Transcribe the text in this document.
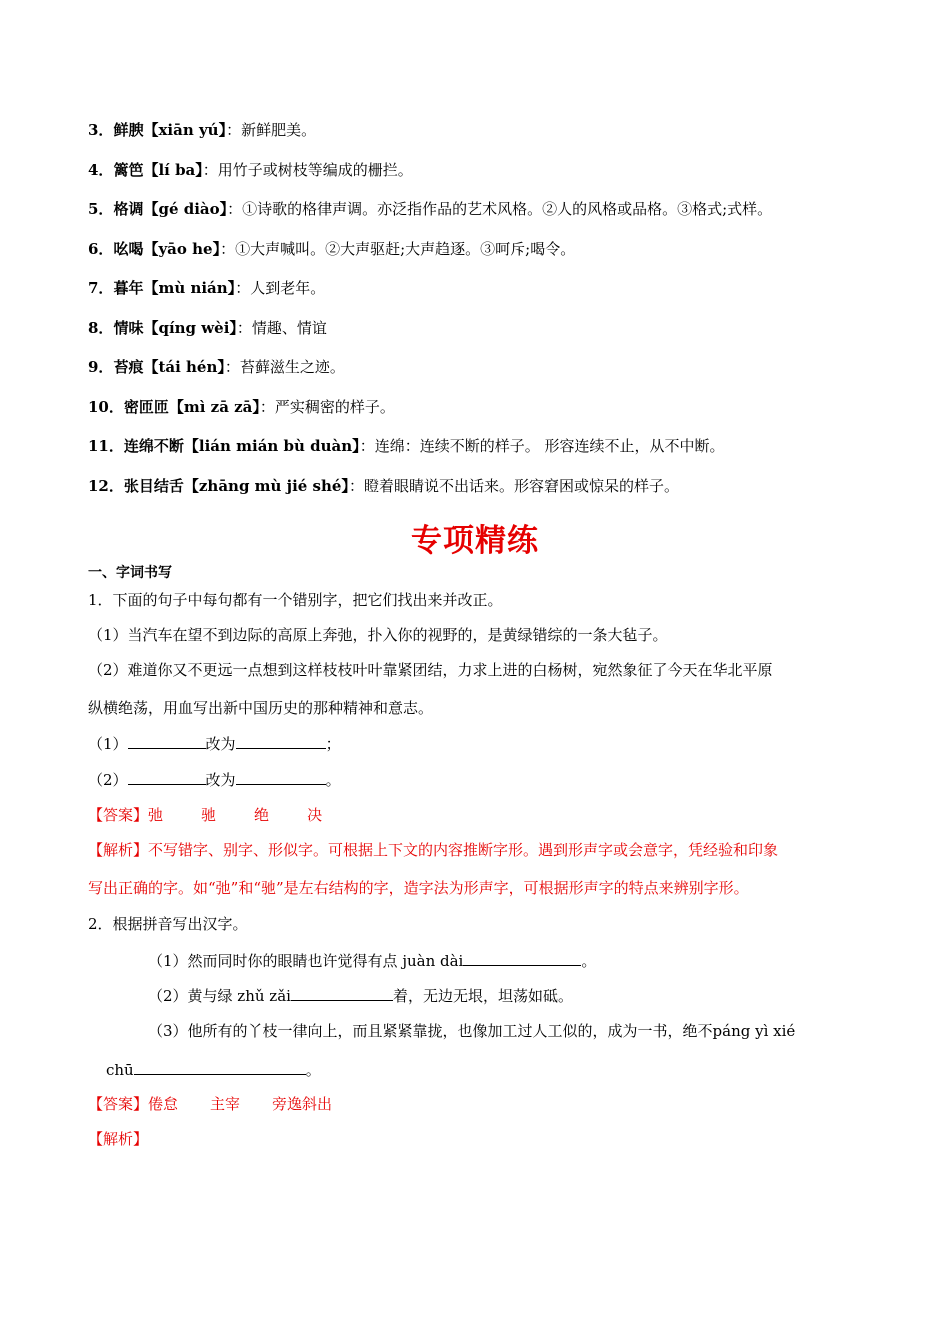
3．鲜腴【xiān yú】：新鲜肥美。
4．篱笆【lí ba】：用竹子或树枝等编成的栅拦。
5．格调【gé diào】：①诗歌的格律声调。亦泛指作品的艺术风格。②人的风格或品格。③格式;式样。
6．吆喝【yāo he】：①大声喊叫。②大声驱赶;大声趋逐。③呵斥;喝令。
7．暮年【mù nián】：人到老年。
8．情味【qíng wèi】：情趣、情谊
9．苔痕【tái hén】：苔藓滋生之迹。
10．密匝匝【mì zā zā】：严实稠密的样子。
11．连绵不断【lián mián bù duàn】：连绵：连续不断的样子。 形容连续不止，从不中断。
12．张目结舌【zhāng mù jié shé】：瞪着眼睛说不出话来。形容窘困或惊呆的样子。
专项精练
一、字词书写
1．下面的句子中每句都有一个错别字，把它们找出来并改正。
（1）当汽车在望不到边际的高原上奔弛，扑入你的视野的，是黄绿错综的一条大毡子。
（2）难道你又不更远一点想到这样枝枝叶叶靠紧团结，力求上进的白杨树，宛然象征了今天在华北平原
纵横绝荡，用血写出新中国历史的那种精神和意志。
（1）	改为	；
（2）	改为	。
【答案】弛	驰	绝	决
【解析】不写错字、别字、形似字。可根据上下文的内容推断字形。遇到形声字或会意字，凭经验和印象
写出正确的字。如“弛”和“驰”是左右结构的字，造字法为形声字，可根据形声字的特点来辨别字形。
2．根据拼音写出汉字。
（1）然而同时你的眼睛也许觉得有点 juàn dài	。
（2）黄与绿 zhǔ zǎi	着，无边无垠，坦荡如砥。
（3）他所有的丫枝一律向上，而且紧紧靠拢，也像加工过人工似的，成为一书，绝不páng yì xié
chū	。
【答案】倦怠 主宰 旁逸斜出
【解析】
